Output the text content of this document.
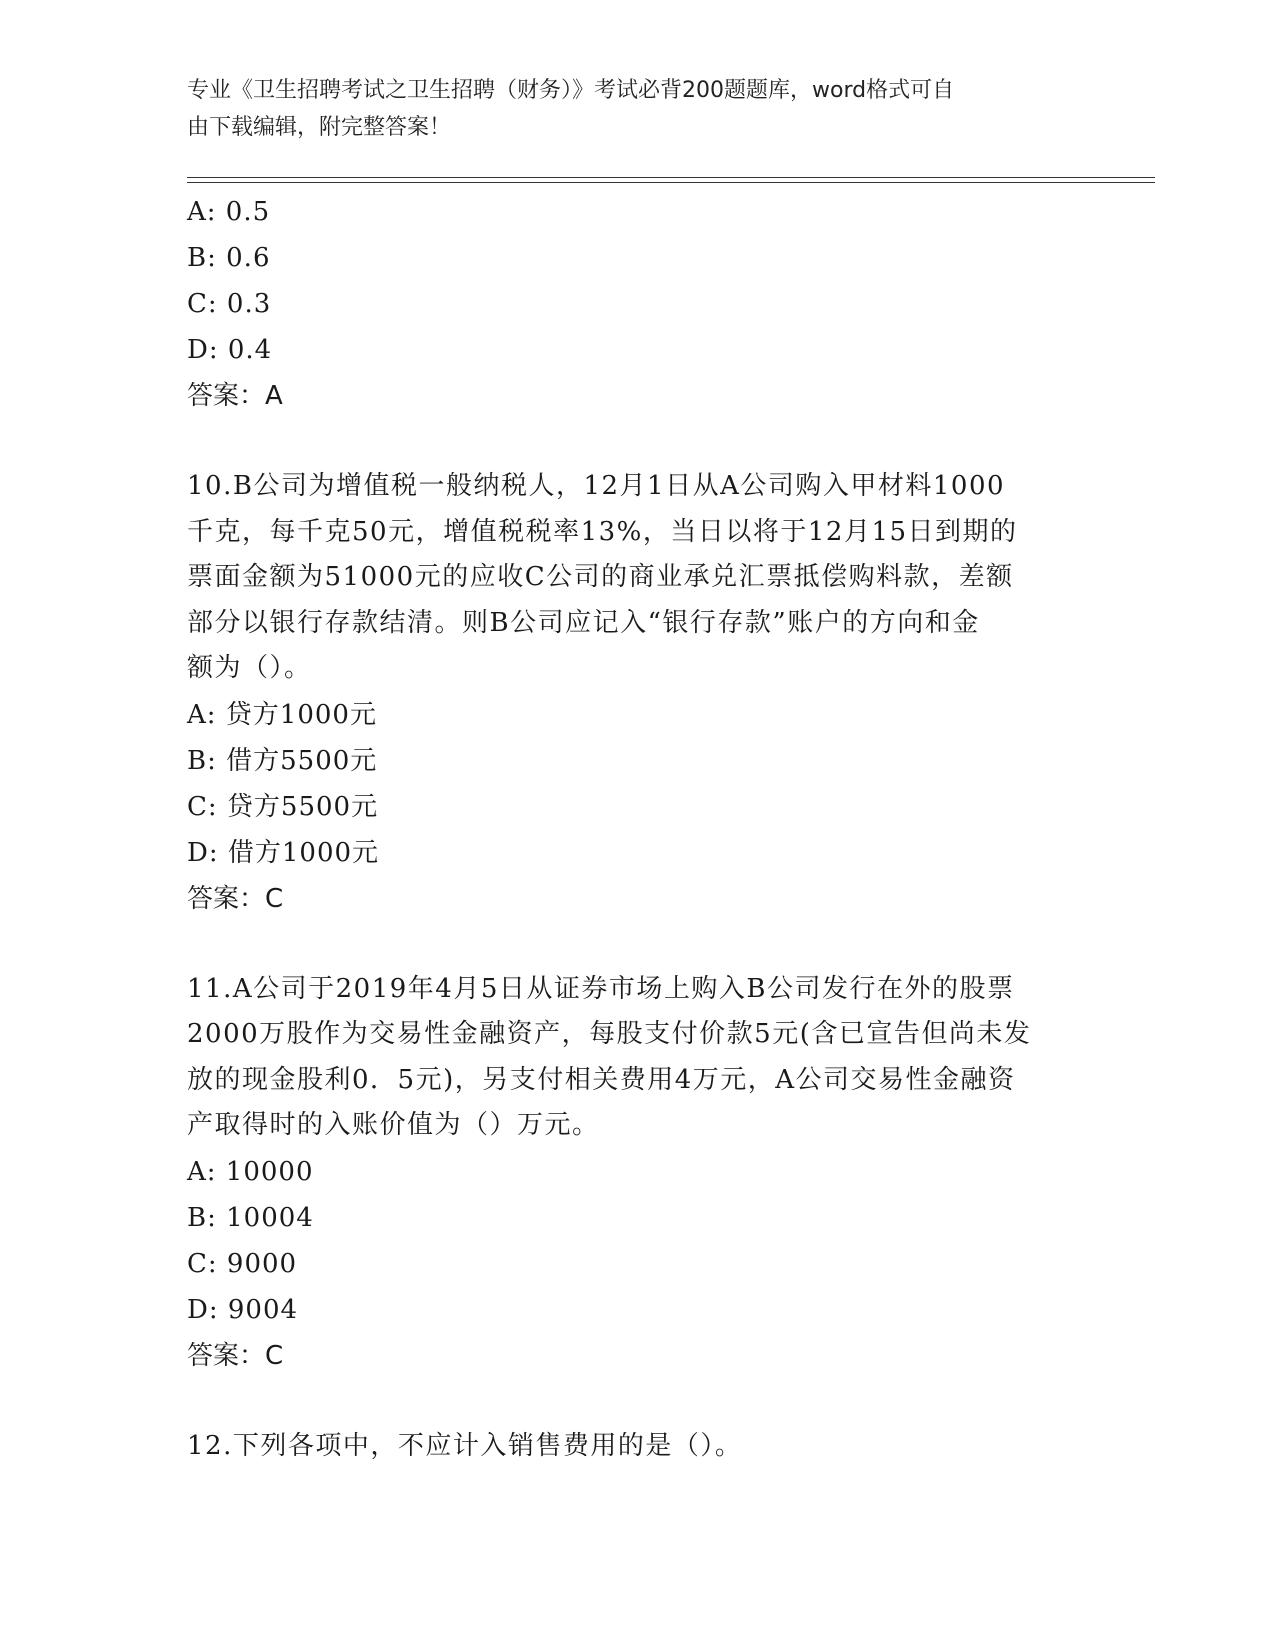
专业《卫生招聘考试之卫生招聘（财务）》考试必背200题题库，word格式可自
由下载编辑，附完整答案！
A: 0.5
B: 0.6
C: 0.3
D: 0.4
答案：A
10.B公司为增值税一般纳税人，12月1日从A公司购入甲材料1000
千克，每千克50元，增值税税率13%，当日以将于12月15日到期的
票面金额为51000元的应收C公司的商业承兑汇票抵偿购料款，差额
部分以银行存款结清。则B公司应记入“银行存款”账户的方向和金
额为（）。
A: 贷方1000元
B: 借方5500元
C: 贷方5500元
D: 借方1000元
答案：C
11.A公司于2019年4月5日从证券市场上购入B公司发行在外的股票
2000万股作为交易性金融资产，每股支付价款5元(含已宣告但尚未发
放的现金股利0．5元)，另支付相关费用4万元，A公司交易性金融资
产取得时的入账价值为（）万元。
A: 10000
B: 10004
C: 9000
D: 9004
答案：C
12.下列各项中，不应计入销售费用的是（）。
